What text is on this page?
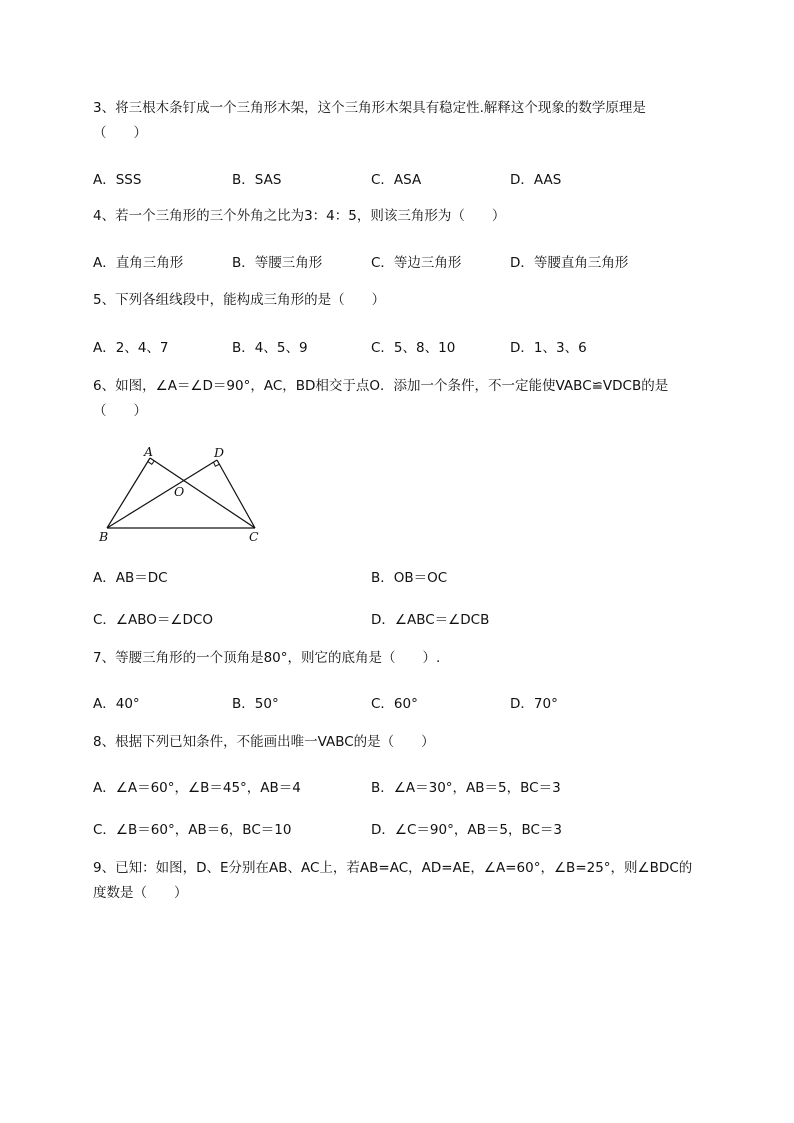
3、将三根木条钉成一个三角形木架，这个三角形木架具有稳定性.解释这个现象的数学原理是
（　　）
A．SSS	B．SAS	C．ASA	D．AAS
4、若一个三角形的三个外角之比为3：4：5，则该三角形为（　　）
A．直角三角形	B．等腰三角形	C．等边三角形	D．等腰直角三角形
5、下列各组线段中，能构成三角形的是（　　）
A．2、4、7	B．4、5、9	C．5、8、10	D．1、3、6
6、如图，∠A＝∠D＝90°，AC，BD相交于点O．添加一个条件，不一定能使VABC≌VDCB的是
（　　）
A	D
O
B	C
A．AB＝DC	B．OB＝OC
C．∠ABO＝∠DCO	D．∠ABC＝∠DCB
7、等腰三角形的一个顶角是80°，则它的底角是（　　）.
A．40°	B．50°	C．60°	D．70°
8、根据下列已知条件，不能画出唯一VABC的是（　　）
A．∠A＝60°，∠B＝45°，AB＝4	B．∠A＝30°，AB＝5，BC＝3
C．∠B＝60°，AB＝6，BC＝10	D．∠C＝90°，AB＝5，BC＝3
9、已知：如图，D、E分别在AB、AC上，若AB=AC，AD=AE，∠A=60°，∠B=25°，则∠BDC的
度数是（　　）
